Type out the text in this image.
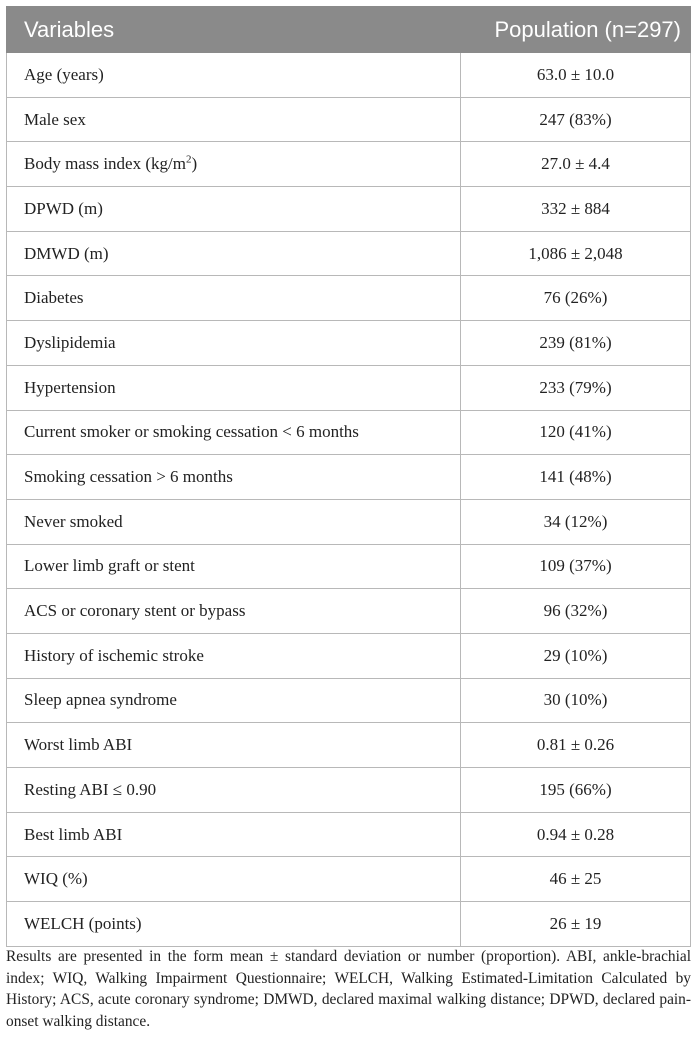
Variables	Population (n=297)
Age (years)	63.0 ± 10.0
Male sex	247 (83%)
Body mass index $(kg/m^2)$	27.0 ± 4.4
DPWD (m)	332 ± 884
DMWD (m)	1,086 ± 2,048
Diabetes	76 (26%)
Dyslipidemia	239 (81%)
Hypertension	233 (79%)
Current smoker or smoking cessation < 6 months	120 (41%)
Smoking cessation > 6 months	141 (48%)
Never smoked	34 (12%)
Lower limb graft or stent	109 (37%)
ACS or coronary stent or bypass	96 (32%)
History of ischemic stroke	29 (10%)
Sleep apnea syndrome	30 (10%)
Worst limb ABI	0.81 ± 0.26
Resting ABI ≤ 0.90	195 (66%)
Best limb ABI	0.94 ± 0.28
WIQ (%)	46 ± 25
WELCH (points)	26 ± 19

Results are presented in the form mean ± standard deviation or number (proportion). ABI, ankle-brachial index; WIQ, Walking Impairment Questionnaire; WELCH, Walking Estimated-Limitation Calculated by History; ACS, acute coronary syndrome; DMWD, declared maximal walking distance; DPWD, declared pain-onset walking distance.
